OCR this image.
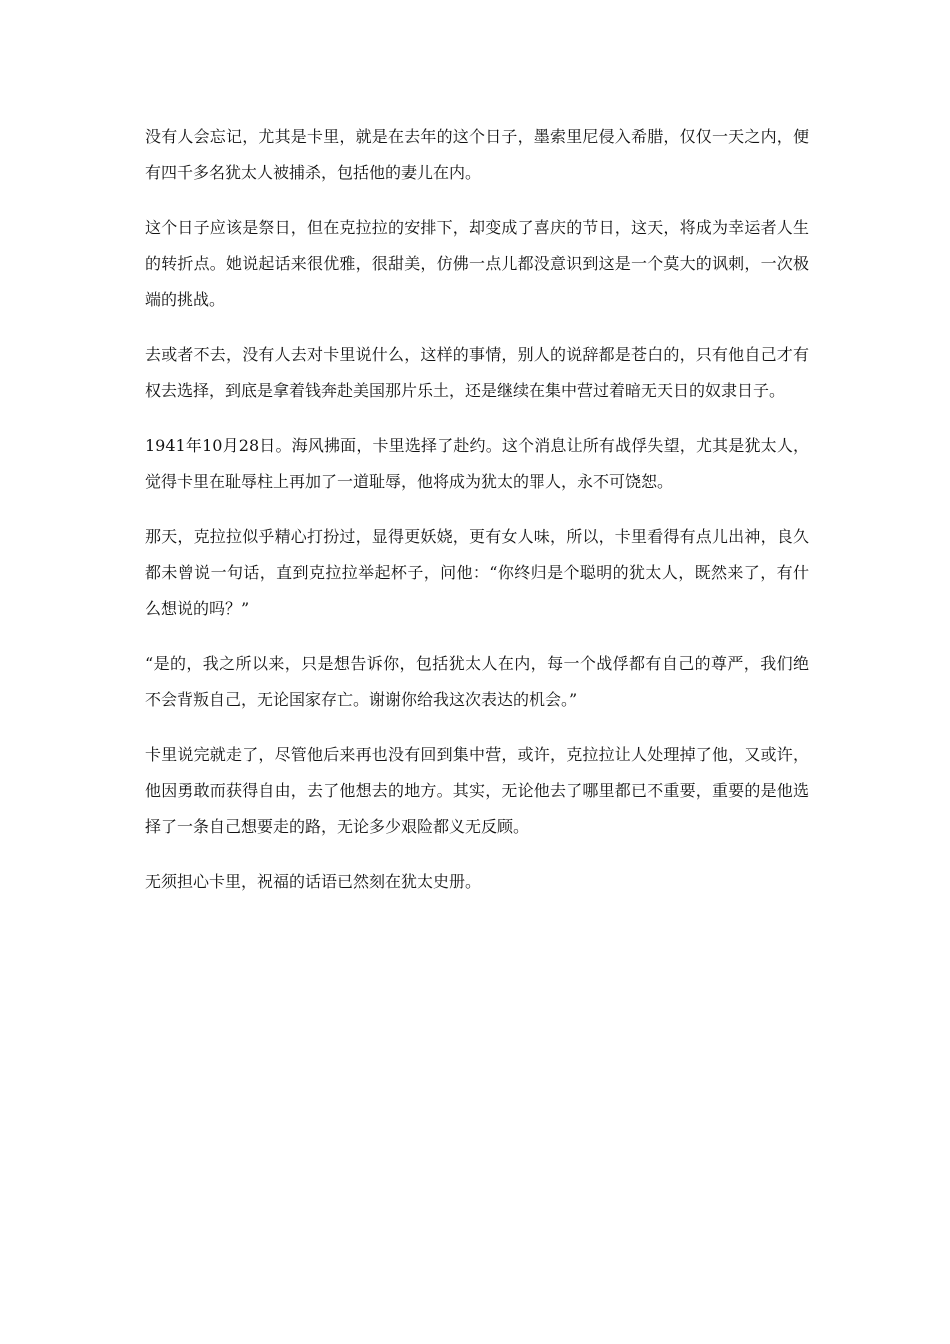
没有人会忘记，尤其是卡里，就是在去年的这个日子，墨索里尼侵入希腊，仅仅一天之内，便有四千多名犹太人被捕杀，包括他的妻儿在内。

这个日子应该是祭日，但在克拉拉的安排下，却变成了喜庆的节日，这天，将成为幸运者人生的转折点。她说起话来很优雅，很甜美，仿佛一点儿都没意识到这是一个莫大的讽刺，一次极端的挑战。

去或者不去，没有人去对卡里说什么，这样的事情，别人的说辞都是苍白的，只有他自己才有权去选择，到底是拿着钱奔赴美国那片乐土，还是继续在集中营过着暗无天日的奴隶日子。

1941年10月28日。海风拂面，卡里选择了赴约。这个消息让所有战俘失望，尤其是犹太人，觉得卡里在耻辱柱上再加了一道耻辱，他将成为犹太的罪人，永不可饶恕。

那天，克拉拉似乎精心打扮过，显得更妖娆，更有女人味，所以，卡里看得有点儿出神，良久都未曾说一句话，直到克拉拉举起杯子，问他：“你终归是个聪明的犹太人，既然来了，有什么想说的吗？”

“是的，我之所以来，只是想告诉你，包括犹太人在内，每一个战俘都有自己的尊严，我们绝不会背叛自己，无论国家存亡。谢谢你给我这次表达的机会。”

卡里说完就走了，尽管他后来再也没有回到集中营，或许，克拉拉让人处理掉了他，又或许，他因勇敢而获得自由，去了他想去的地方。其实，无论他去了哪里都已不重要，重要的是他选择了一条自己想要走的路，无论多少艰险都义无反顾。

无须担心卡里，祝福的话语已然刻在犹太史册。
